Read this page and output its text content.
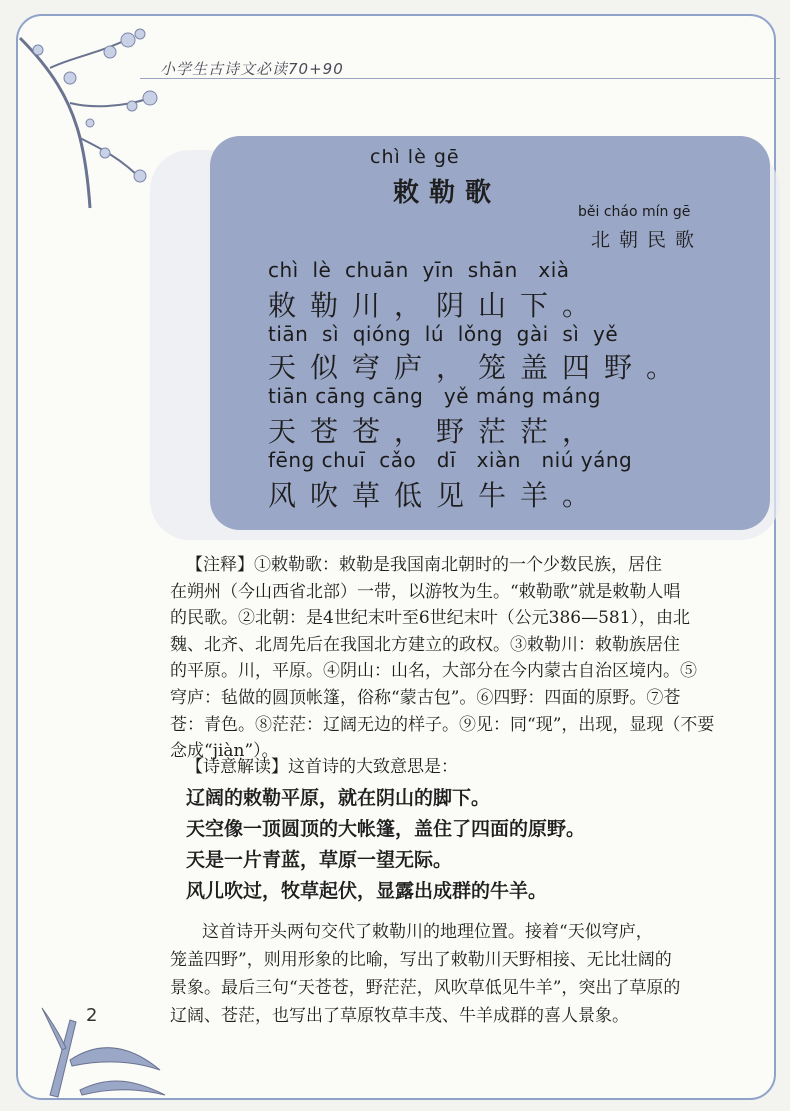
小学生古诗文必读70+90
chì lè gē
敕勒歌
běi cháo mín gē
北朝民歌
chì  lè  chuān  yīn  shān   xià
敕勒川，阴山下。
tiān  sì  qióng  lú  lǒng  gài  sì  yě
天似穹庐，笼盖四野。
tiān cāng cāng   yě máng máng
天苍苍，野茫茫，
fēng chuī  cǎo   dī   xiàn   niú yáng
风吹草低见牛羊。
【注释】①敕勒歌：敕勒是我国南北朝时的一个少数民族，居住
在朔州（今山西省北部）一带，以游牧为生。“敕勒歌”就是敕勒人唱
的民歌。②北朝：是4世纪末叶至6世纪末叶（公元386—581），由北
魏、北齐、北周先后在我国北方建立的政权。③敕勒川：敕勒族居住
的平原。川，平原。④阴山：山名，大部分在今内蒙古自治区境内。⑤
穹庐：毡做的圆顶帐篷，俗称“蒙古包”。⑥四野：四面的原野。⑦苍
苍：青色。⑧茫茫：辽阔无边的样子。⑨见：同“现”，出现，显现（不要
念成“jiàn”）。
【诗意解读】这首诗的大致意思是：
辽阔的敕勒平原，就在阴山的脚下。
天空像一顶圆顶的大帐篷，盖住了四面的原野。
天是一片青蓝，草原一望无际。
风儿吹过，牧草起伏，显露出成群的牛羊。
这首诗开头两句交代了敕勒川的地理位置。接着“天似穹庐，
笼盖四野”，则用形象的比喻，写出了敕勒川天野相接、无比壮阔的
景象。最后三句“天苍苍，野茫茫，风吹草低见牛羊”，突出了草原的
辽阔、苍茫，也写出了草原牧草丰茂、牛羊成群的喜人景象。
2
